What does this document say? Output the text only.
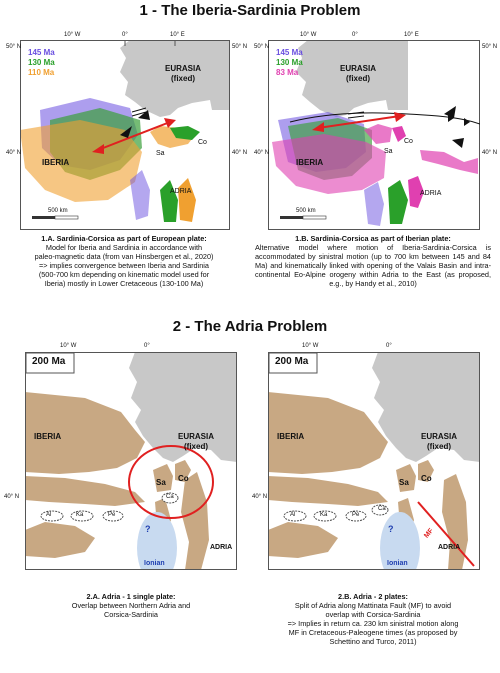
1 - The Iberia-Sardinia Problem
50° N	50° N
40° N	40° N
10° W	0°	10° E
145 Ma
130 Ma
110 Ma	EURASIA
(fixed)
IBERIA
Sa
Co
ADRIA
500 km
1.A. Sardinia-Corsica as part of European plate:
Model for Iberia and Sardinia in accordance with
paleo-magnetic data (from van Hinsbergen et al., 2020)
=> implies convergence between Iberia and Sardinia
(500-700 km depending on kinematic model used for
Iberia) mostly in Lower Cretaceous (130-100 Ma)
50° N	50° N
40° N	40° N
10° W	0°	10° E
145 Ma
130 Ma
83 Ma	EURASIA
(fixed)
IBERIA
Sa
Co
ADRIA
500 km
1.B. Sardinia-Corsica as part of Iberian plate:
Alternative model where motion of Iberia-Sardinia-Corsica is accommodated by sinistral motion (up to 700 km between 145 and 84 Ma) and kinematically linked with opening of the Valais Basin and intra-continental Eo-Alpine orogeny within Adria to the East (as proposed, e.g., by Handy et al., 2010)
2 - The Adria Problem
200 Ma
10° W	0°
40° N
EURASIA
(fixed)
IBERIA
Sa Co
Ca
Al	Ka	Pe
?
Ionian
ADRIA
2.A. Adria - 1 single plate:
Overlap between Northern Adria and
Corsica-Sardinia
200 Ma
10° W	0°
40° N
EURASIA
(fixed)
IBERIA
Sa Co
Ca
Al	Ka	Pe
?
Ionian
ADRIA
MF
2.B. Adria - 2 plates:
Split of Adria along Mattinata Fault (MF) to avoid
overlap with Corsica-Sardinia
=> Implies in return ca. 230 km sinistral motion along
MF in Cretaceous-Paleogene times (as proposed by
Schettino and Turco, 2011)
